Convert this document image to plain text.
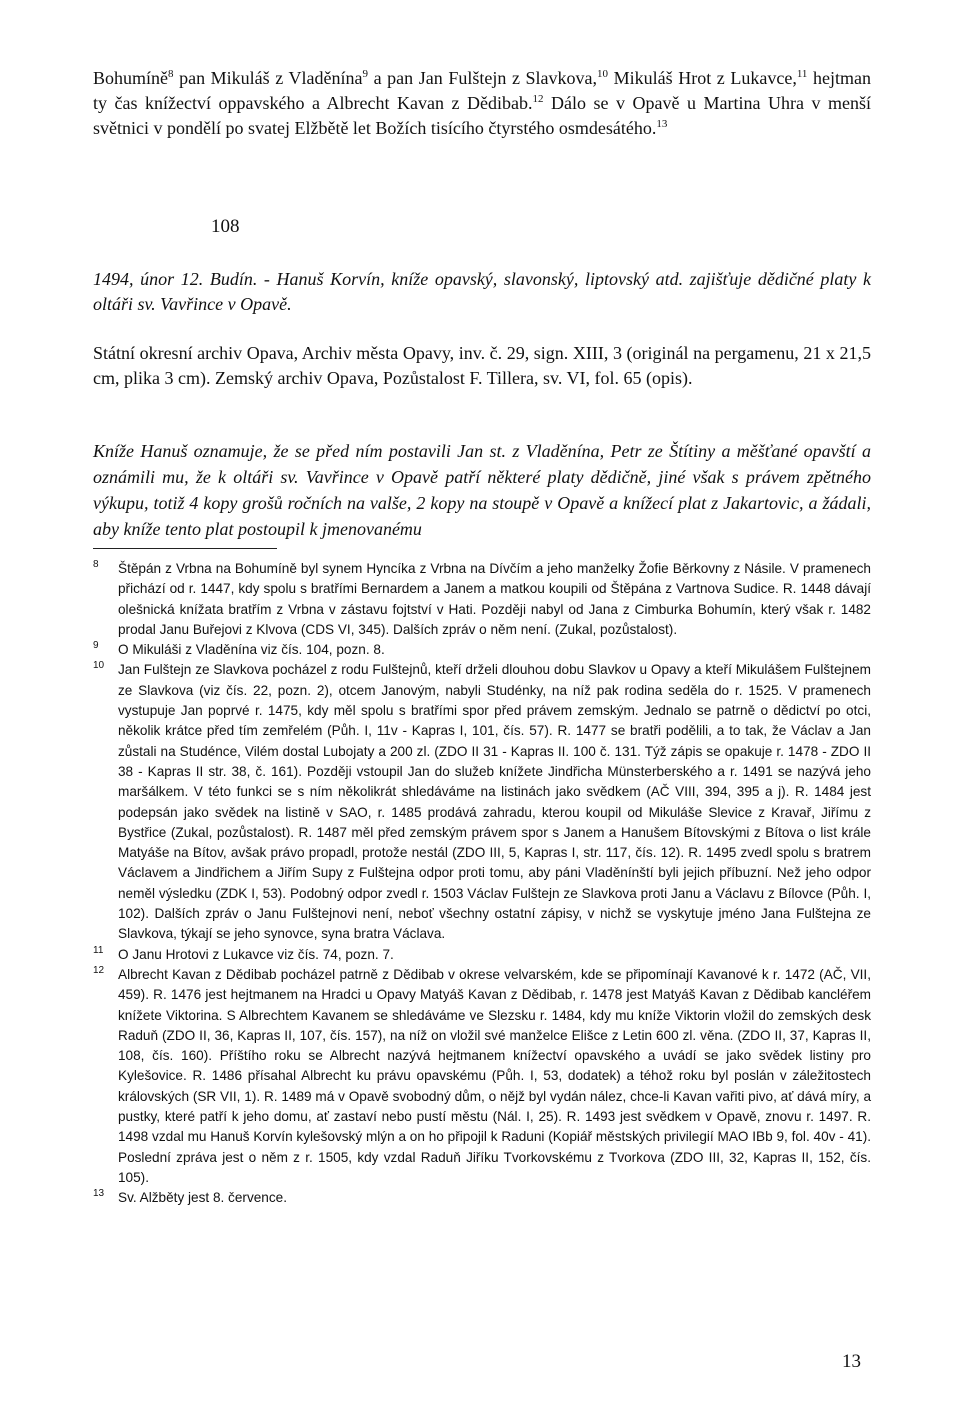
Bohumíně$^8$ pan Mikuláš z Vladěnína$^9$ a pan Jan Fulštejn z Slavkova,$^{10}$ Mikuláš Hrot z Lukavce,$^{11}$ hejtman ty čas knížectví oppavského a Albrecht Kavan z Dědibab.$^{12}$ Dálo se v Opavě u Martina Uhra v menší světnici v pondělí po svatej Elžbětě let Božích tisícího čtyrstého osmdesátého.$^{13}$
108
1494, únor 12. Budín. - Hanuš Korvín, kníže opavský, slavonský, liptovský atd. zajišťuje dědičné platy k oltáři sv. Vavřince v Opavě.
Státní okresní archiv Opava, Archiv města Opavy, inv. č. 29, sign. XIII, 3 (originál na pergamenu, 21 x 21,5 cm, plika 3 cm). Zemský archiv Opava, Pozůstalost F. Tillera, sv. VI, fol. 65 (opis).
Kníže Hanuš oznamuje, že se před ním postavili Jan st. z Vladěnína, Petr ze Štítiny a měšťané opavští a oznámili mu, že k oltáři sv. Vavřince v Opavě patří některé platy dědičně, jiné však s právem zpětného výkupu, totiž 4 kopy grošů ročních na valše, 2 kopy na stoupě v Opavě a knížecí plat z Jakartovic, a žádali, aby kníže tento plat postoupil k jmenovanému
8 Štěpán z Vrbna na Bohumíně byl synem Hyncíka z Vrbna na Dívčím a jeho manželky Žofie Běrkovny z Násile. V pramenech přichází od r. 1447, kdy spolu s bratřími Bernardem a Janem a matkou koupili od Štěpána z Vartnova Sudice. R. 1448 dávají olešnická knížata bratřím z Vrbna v zástavu fojtství v Hati. Později nabyl od Jana z Cimburka Bohumín, který však r. 1482 prodal Janu Buřejovi z Klvova (CDS VI, 345). Dalších zpráv o něm není. (Zukal, pozůstalost).
9 O Mikuláši z Vladěnína viz čís. 104, pozn. 8.
10 Jan Fulštejn ze Slavkova pocházel z rodu Fulštejnů, kteří drželi dlouhou dobu Slavkov u Opavy a kteří Mikulášem Fulštejnem ze Slavkova (viz čís. 22, pozn. 2), otcem Janovým, nabyli Studénky, na níž pak rodina seděla do r. 1525. V pramenech vystupuje Jan poprvé r. 1475, kdy měl spolu s bratřími spor před právem zemským. Jednalo se patrně o dědictví po otci, několik krátce před tím zemřelém (Půh. I, 11v - Kapras I, 101, čís. 57). R. 1477 se bratři podělili, a to tak, že Václav a Jan zůstali na Studénce, Vilém dostal Lubojaty a 200 zl. (ZDO II 31 - Kapras II. 100 č. 131. Týž zápis se opakuje r. 1478 - ZDO II 38 - Kapras II str. 38, č. 161). Později vstoupil Jan do služeb knížete Jindřicha Münsterberského a r. 1491 se nazývá jeho maršálkem. V této funkci se s ním několikrát shledáváme na listinách jako svědkem (AČ VIII, 394, 395 a j). R. 1484 jest podepsán jako svědek na listině v SAO, r. 1485 prodává zahradu, kterou koupil od Mikuláše Slevice z Kravař, Jiřímu z Bystřice (Zukal, pozůstalost). R. 1487 měl před zemským právem spor s Janem a Hanušem Bítovskými z Bítova o list krále Matyáše na Bítov, avšak právo propadl, protože nestál (ZDO III, 5, Kapras I, str. 117, čís. 12). R. 1495 zvedl spolu s bratrem Václavem a Jindřichem a Jiřím Supy z Fulštejna odpor proti tomu, aby páni Vladěnínští byli jejich příbuzní. Než jeho odpor neměl výsledku (ZDK I, 53). Podobný odpor zvedl r. 1503 Václav Fulštejn ze Slavkova proti Janu a Václavu z Bílovce (Půh. I, 102). Dalších zpráv o Janu Fulštejnovi není, neboť všechny ostatní zápisy, v nichž se vyskytuje jméno Jana Fulštejna ze Slavkova, týkají se jeho synovce, syna bratra Václava.
11 O Janu Hrotovi z Lukavce viz čís. 74, pozn. 7.
12 Albrecht Kavan z Dědibab pocházel patrně z Dědibab v okrese velvarském, kde se připomínají Kavanové k r. 1472 (AČ, VII, 459). R. 1476 jest hejtmanem na Hradci u Opavy Matyáš Kavan z Dědibab, r. 1478 jest Matyáš Kavan z Dědibab kancléřem knížete Viktorina. S Albrechtem Kavanem se shledáváme ve Slezsku r. 1484, kdy mu kníže Viktorin vložil do zemských desk Raduň (ZDO II, 36, Kapras II, 107, čís. 157), na níž on vložil své manželce Elišce z Letin 600 zl. věna. (ZDO II, 37, Kapras II, 108, čís. 160). Příštího roku se Albrecht nazývá hejtmanem knížectví opavského a uvádí se jako svědek listiny pro Kylešovice. R. 1486 přísahal Albrecht ku právu opavskému (Půh. I, 53, dodatek) a téhož roku byl poslán v záležitostech královských (SR VII, 1). R. 1489 má v Opavě svobodný dům, o nějž byl vydán nález, chce-li Kavan vařiti pivo, ať dává míry, a pustky, které patří k jeho domu, ať zastaví nebo pustí městu (Nál. I, 25). R. 1493 jest svědkem v Opavě, znovu r. 1497. R. 1498 vzdal mu Hanuš Korvín kylešovský mlýn a on ho připojil k Raduni (Kopiář městských privilegií MAO IBb 9, fol. 40v - 41). Poslední zpráva jest o něm z r. 1505, kdy vzdal Raduň Jiříku Tvorkovskému z Tvorkova (ZDO III, 32, Kapras II, 152, čís. 105).
13 Sv. Alžběty jest 8. července.
13
